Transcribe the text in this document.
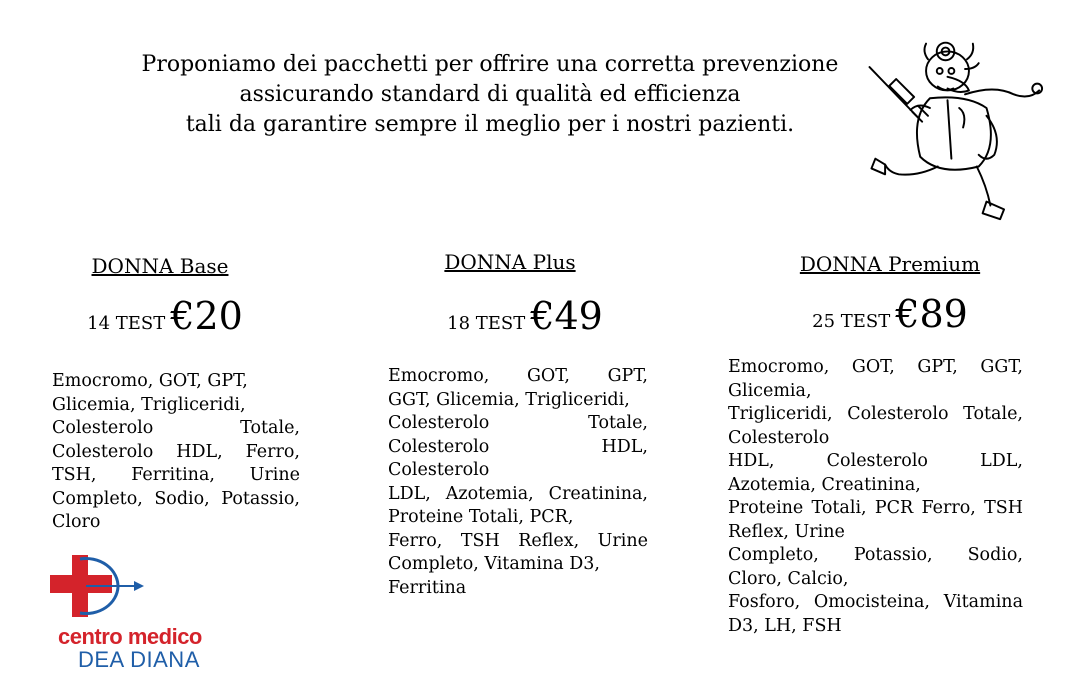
Proponiamo dei pacchetti per offrire una corretta prevenzione
assicurando standard di qualità ed efficienza
tali da garantire sempre il meglio per i nostri pazienti.
DONNA Base
14 TEST €20
Emocromo, GOT, GPT,
Glicemia, Trigliceridi,
Colesterolo Totale,
Colesterolo HDL, Ferro,
TSH, Ferritina, Urine
Completo, Sodio, Potassio,
Cloro
DONNA Plus
18 TEST €49
Emocromo, GOT, GPT,
GGT, Glicemia, Trigliceridi,
Colesterolo Totale,
Colesterolo HDL,
Colesterolo
LDL, Azotemia, Creatinina,
Proteine Totali, PCR,
Ferro, TSH Reflex, Urine
Completo, Vitamina D3,
Ferritina
DONNA Premium
25 TEST €89
Emocromo, GOT, GPT, GGT,
Glicemia,
Trigliceridi, Colesterolo Totale,
Colesterolo
HDL, Colesterolo LDL,
Azotemia, Creatinina,
Proteine Totali, PCR Ferro, TSH
Reflex, Urine
Completo, Potassio, Sodio,
Cloro, Calcio,
Fosforo, Omocisteina, Vitamina
D3, LH, FSH
centro medico
DEA DIANA
